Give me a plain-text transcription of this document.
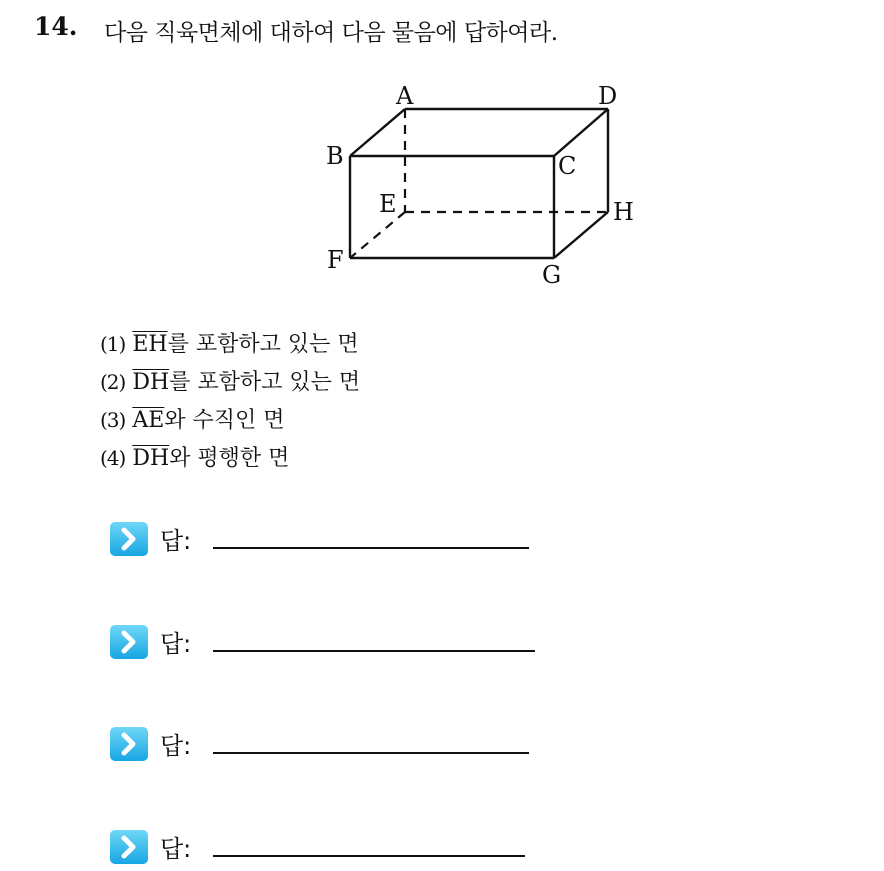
14. 다음 직육면체에 대하여 다음 물음에 답하여라.
A	D
B	C
E	H
F
G
(1) $\overline{EH}$ 를 포함하고 있는 면
(2) $\overline{DH}$ 를 포함하고 있는 면
(3) $\overline{AE}$ 와 수직인 면
(4) $\overline{DH}$ 와 평행한 면
답:
답:
답:
답:
